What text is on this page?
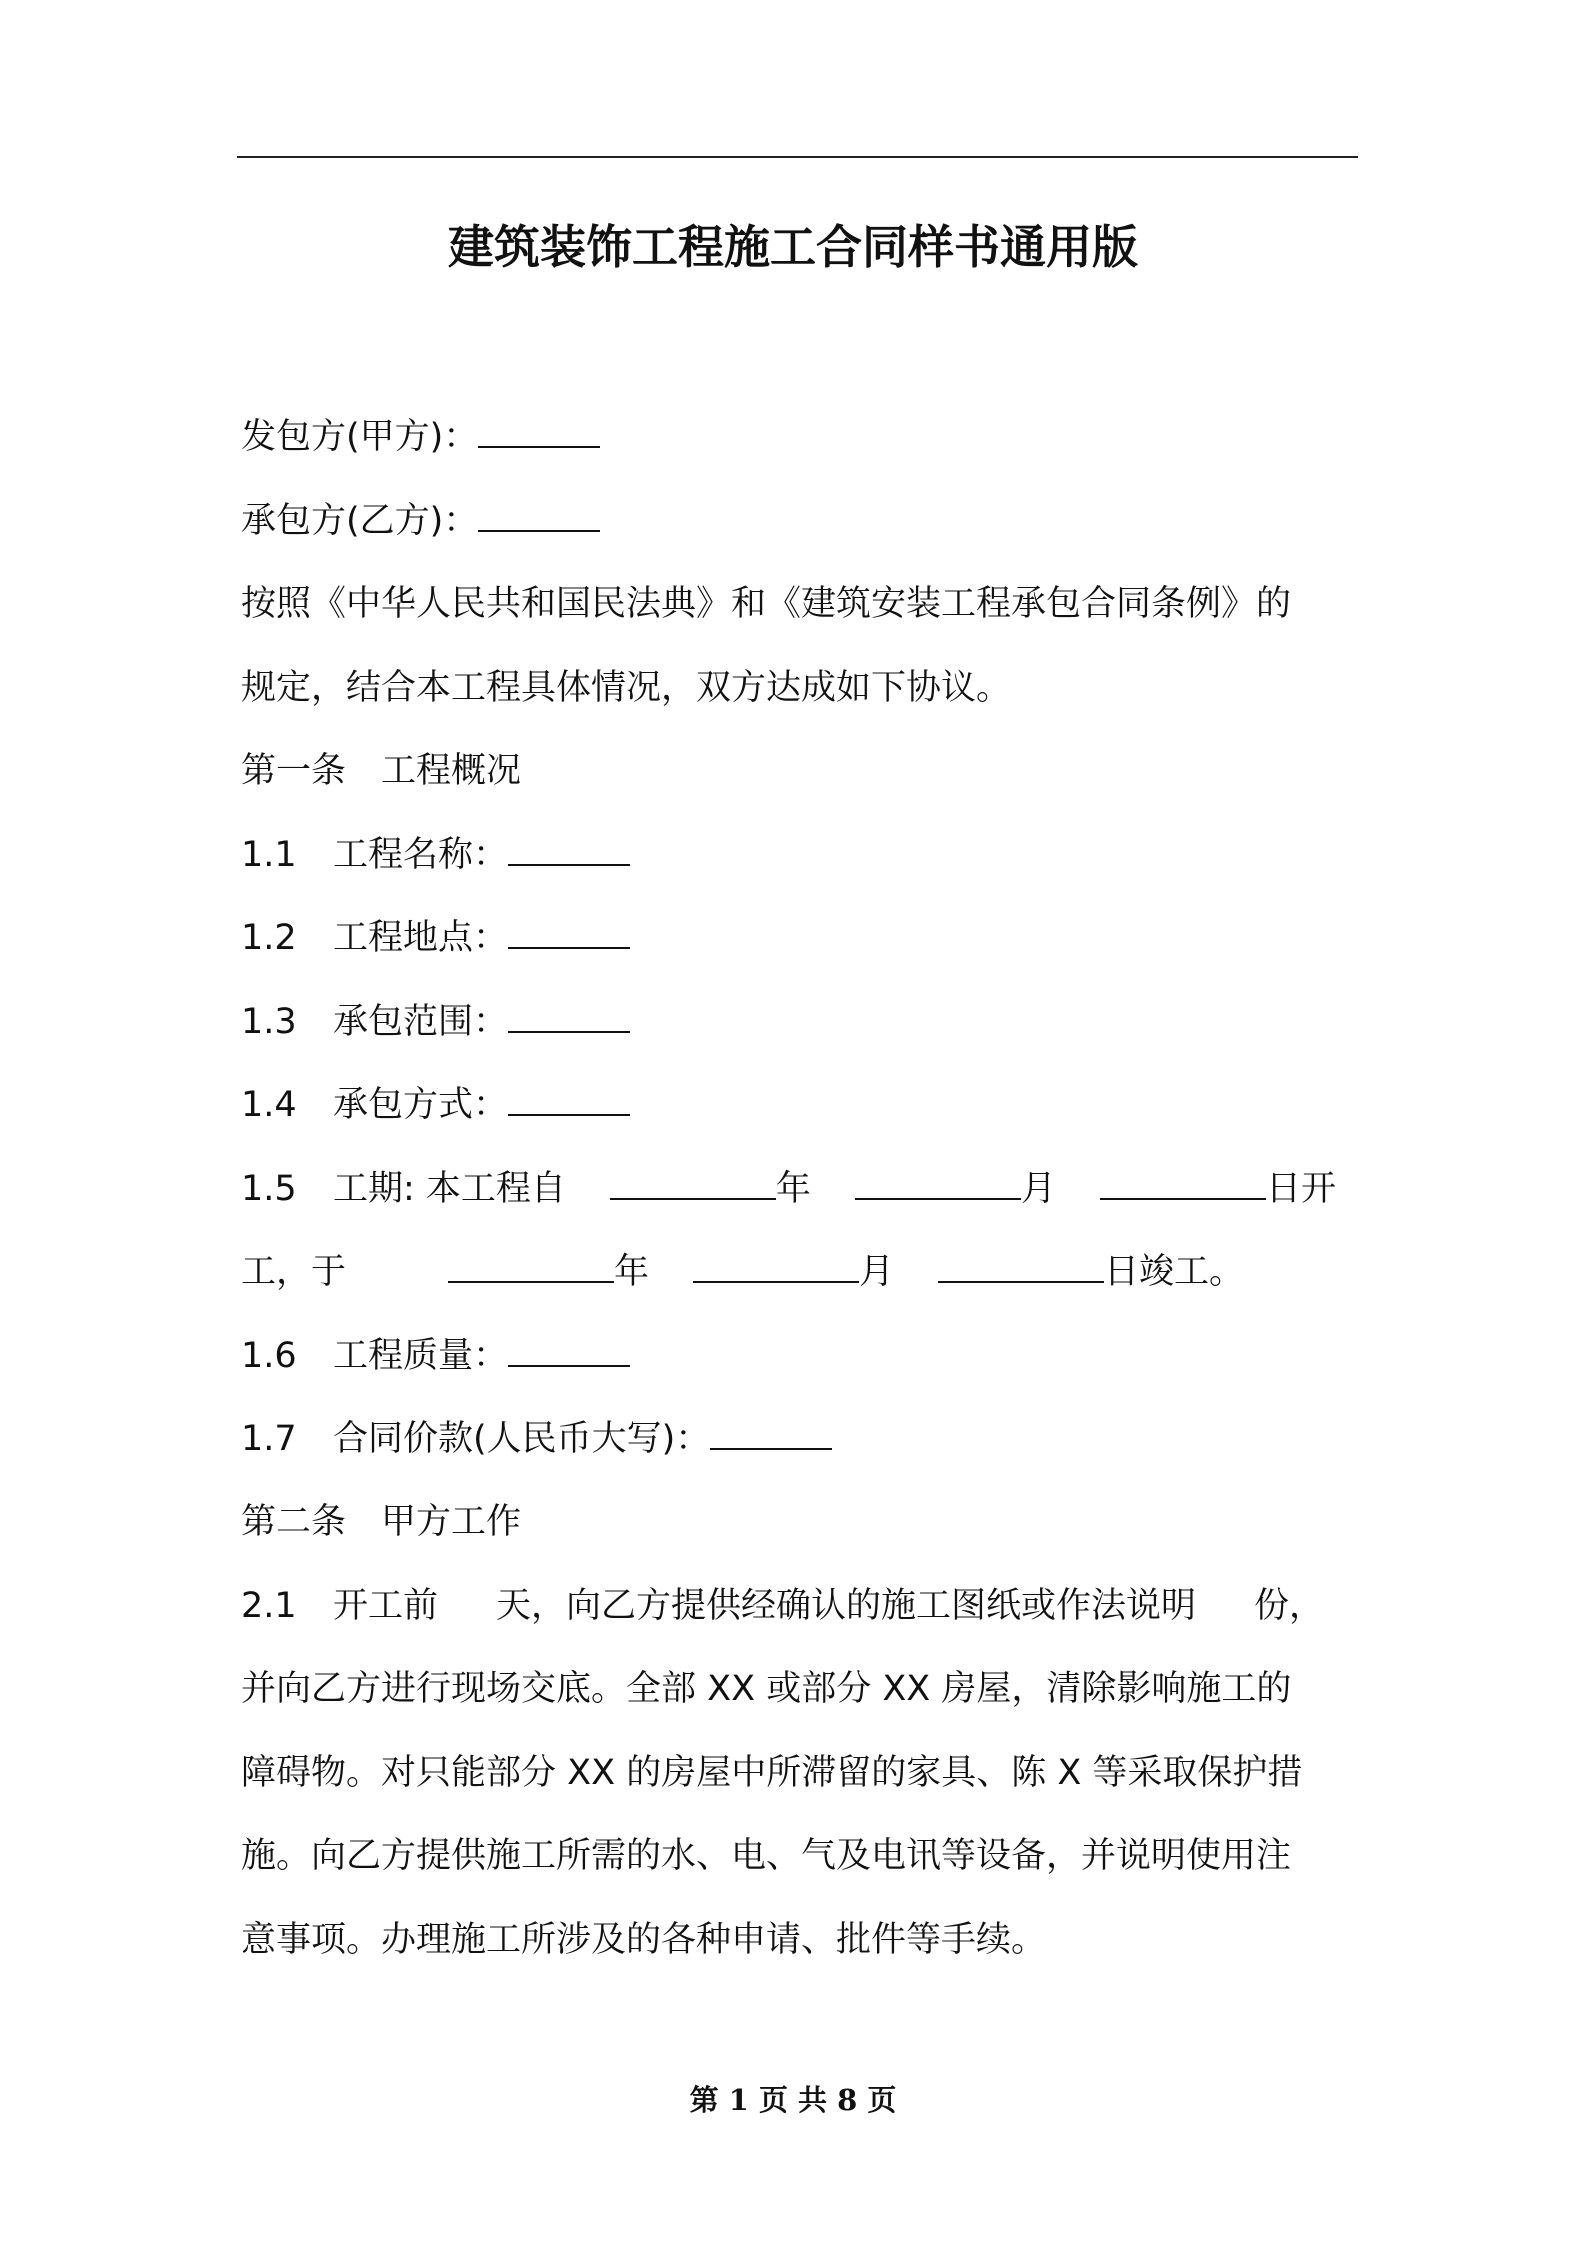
建筑装饰工程施工合同样书通用版
发包方(甲方)：
承包方(乙方)：
按照《中华人民共和国民法典》和《建筑安装工程承包合同条例》的
规定，结合本工程具体情况，双方达成如下协议。
第一条　工程概况
1.1 工程名称：
1.2 工程地点：
1.3 承包范围：
1.4 承包方式：
1.5 工期: 本工程自	年	月	日开
工，于	年	月	日竣工。
1.6 工程质量：
1.7 合同价款(人民币大写)：
第二条　甲方工作
2.1 开工前 天，向乙方提供经确认的施工图纸或作法说明 份，
并向乙方进行现场交底。全部 XX 或部分 XX 房屋，清除影响施工的
障碍物。对只能部分 XX 的房屋中所滞留的家具、陈 X 等采取保护措
施。向乙方提供施工所需的水、电、气及电讯等设备，并说明使用注
意事项。办理施工所涉及的各种申请、批件等手续。
第 1 页 共 8 页
